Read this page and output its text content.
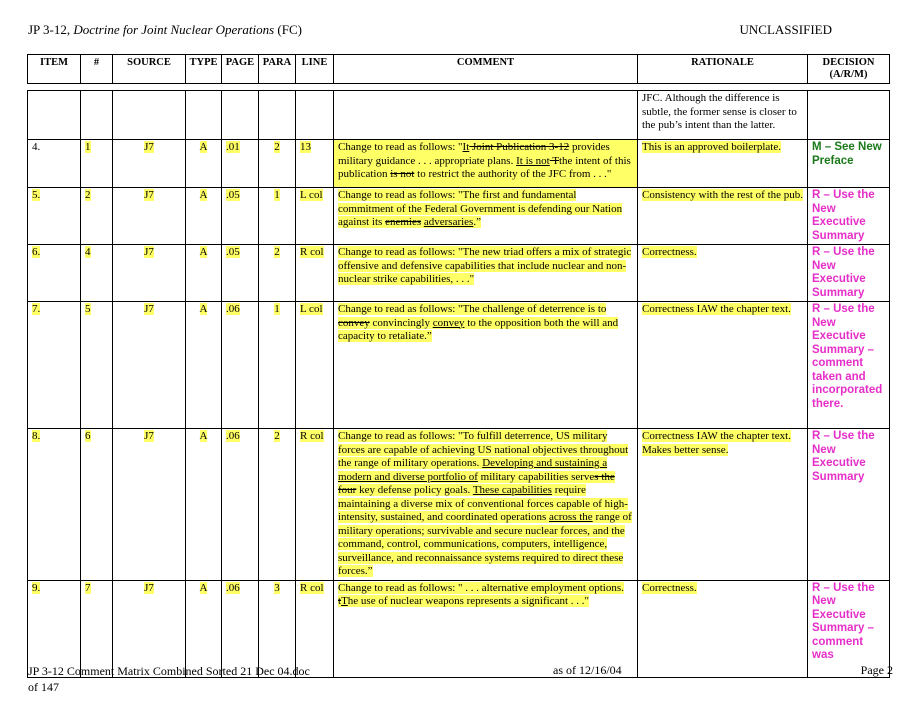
JP 3-12, Doctrine for Joint Nuclear Operations (FC)	UNCLASSIFIED
ITEM	#	SOURCE	TYPE	PAGE	PARA	LINE	COMMENT	RATIONALE	DECISION
(A/R/M)
								JFC. Although the difference is subtle, the former sense is closer to the pub’s intent than the latter.	
4.	1	J7	A	.01	2	13	Change to read as follows: "It Joint Publication 3-12 provides military guidance . . . appropriate plans. It is not Tthe intent of this publication is not to restrict the authority of the JFC from . . ."	This is an approved boilerplate.	M – See New Preface
5.	2	J7	A	.05	1	L col	Change to read as follows: "The first and fundamental commitment of the Federal Government is defending our Nation against its enemies adversaries.”	Consistency with the rest of the pub.	R – Use the New Executive Summary
6.	4	J7	A	.05	2	R col	Change to read as follows: "The new triad offers a mix of strategic offensive and defensive capabilities that include nuclear and non-nuclear strike capabilities, . . ."	Correctness.	R – Use the New Executive Summary
7.	5	J7	A	.06	1	L col	Change to read as follows: "The challenge of deterrence is to convey convincingly convey to the opposition both the will and capacity to retaliate.”	Correctness IAW the chapter text.	R – Use the New Executive Summary – comment taken and incorporated there.
8.	6	J7	A	.06	2	R col	Change to read as follows: "To fulfill deterrence, US military forces are capable of achieving US national objectives throughout the range of military operations. Developing and sustaining a modern and diverse portfolio of military capabilities serves the four key defense policy goals. These capabilities require maintaining a diverse mix of conventional forces capable of high-intensity, sustained, and coordinated operations across the range of military operations; survivable and secure nuclear forces, and the command, control, communications, computers, intelligence, surveillance, and reconnaissance systems required to direct these forces.”	Correctness IAW the chapter text. Makes better sense.	R – Use the New Executive Summary
9.	7	J7	A	.06	3	R col	Change to read as follows: " . . . alternative employment options. tThe use of nuclear weapons represents a significant . . ."	Correctness.	R – Use the New Executive Summary – comment was
JP 3-12 Comment Matrix Combined Sorted 21 Dec 04.doc
of 147
as of 12/16/04	Page 2
